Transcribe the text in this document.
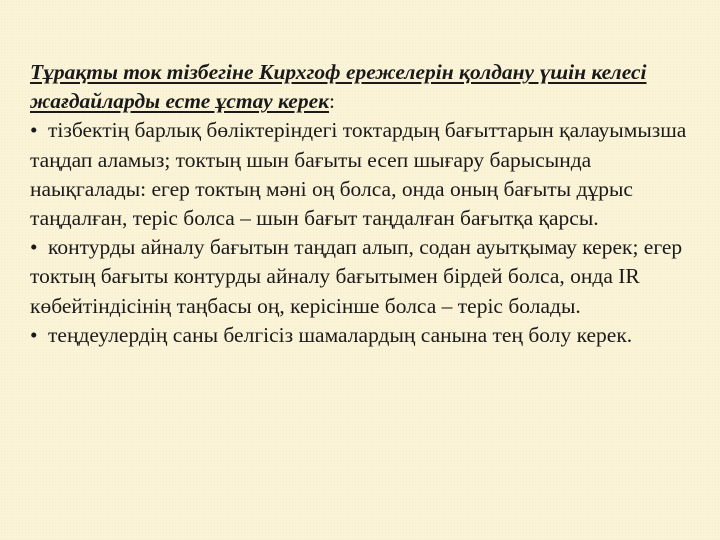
Тұрақты ток тізбегіне Кирхгоф ережелерін қолдану үшін келесі жағдайларды есте ұстау керек:

• тізбектің барлық бөліктеріндегі токтардың бағыттарын қалауымызша таңдап аламыз; токтың шын бағыты есеп шығару барысында наықгалады: егер токтың мәні оң болса, онда оның бағыты дұрыс таңдалған, теріс болса – шын бағыт таңдалған бағытқа қарсы.

• контурды айналу бағытын таңдап алып, содан ауытқымау керек; егер токтың бағыты контурды айналу бағытымен бірдей болса, онда IR көбейтіндісінің таңбасы оң, керісінше болса – теріс болады.

• теңдеулердің саны белгісіз шамалардың санына тең болу керек.
